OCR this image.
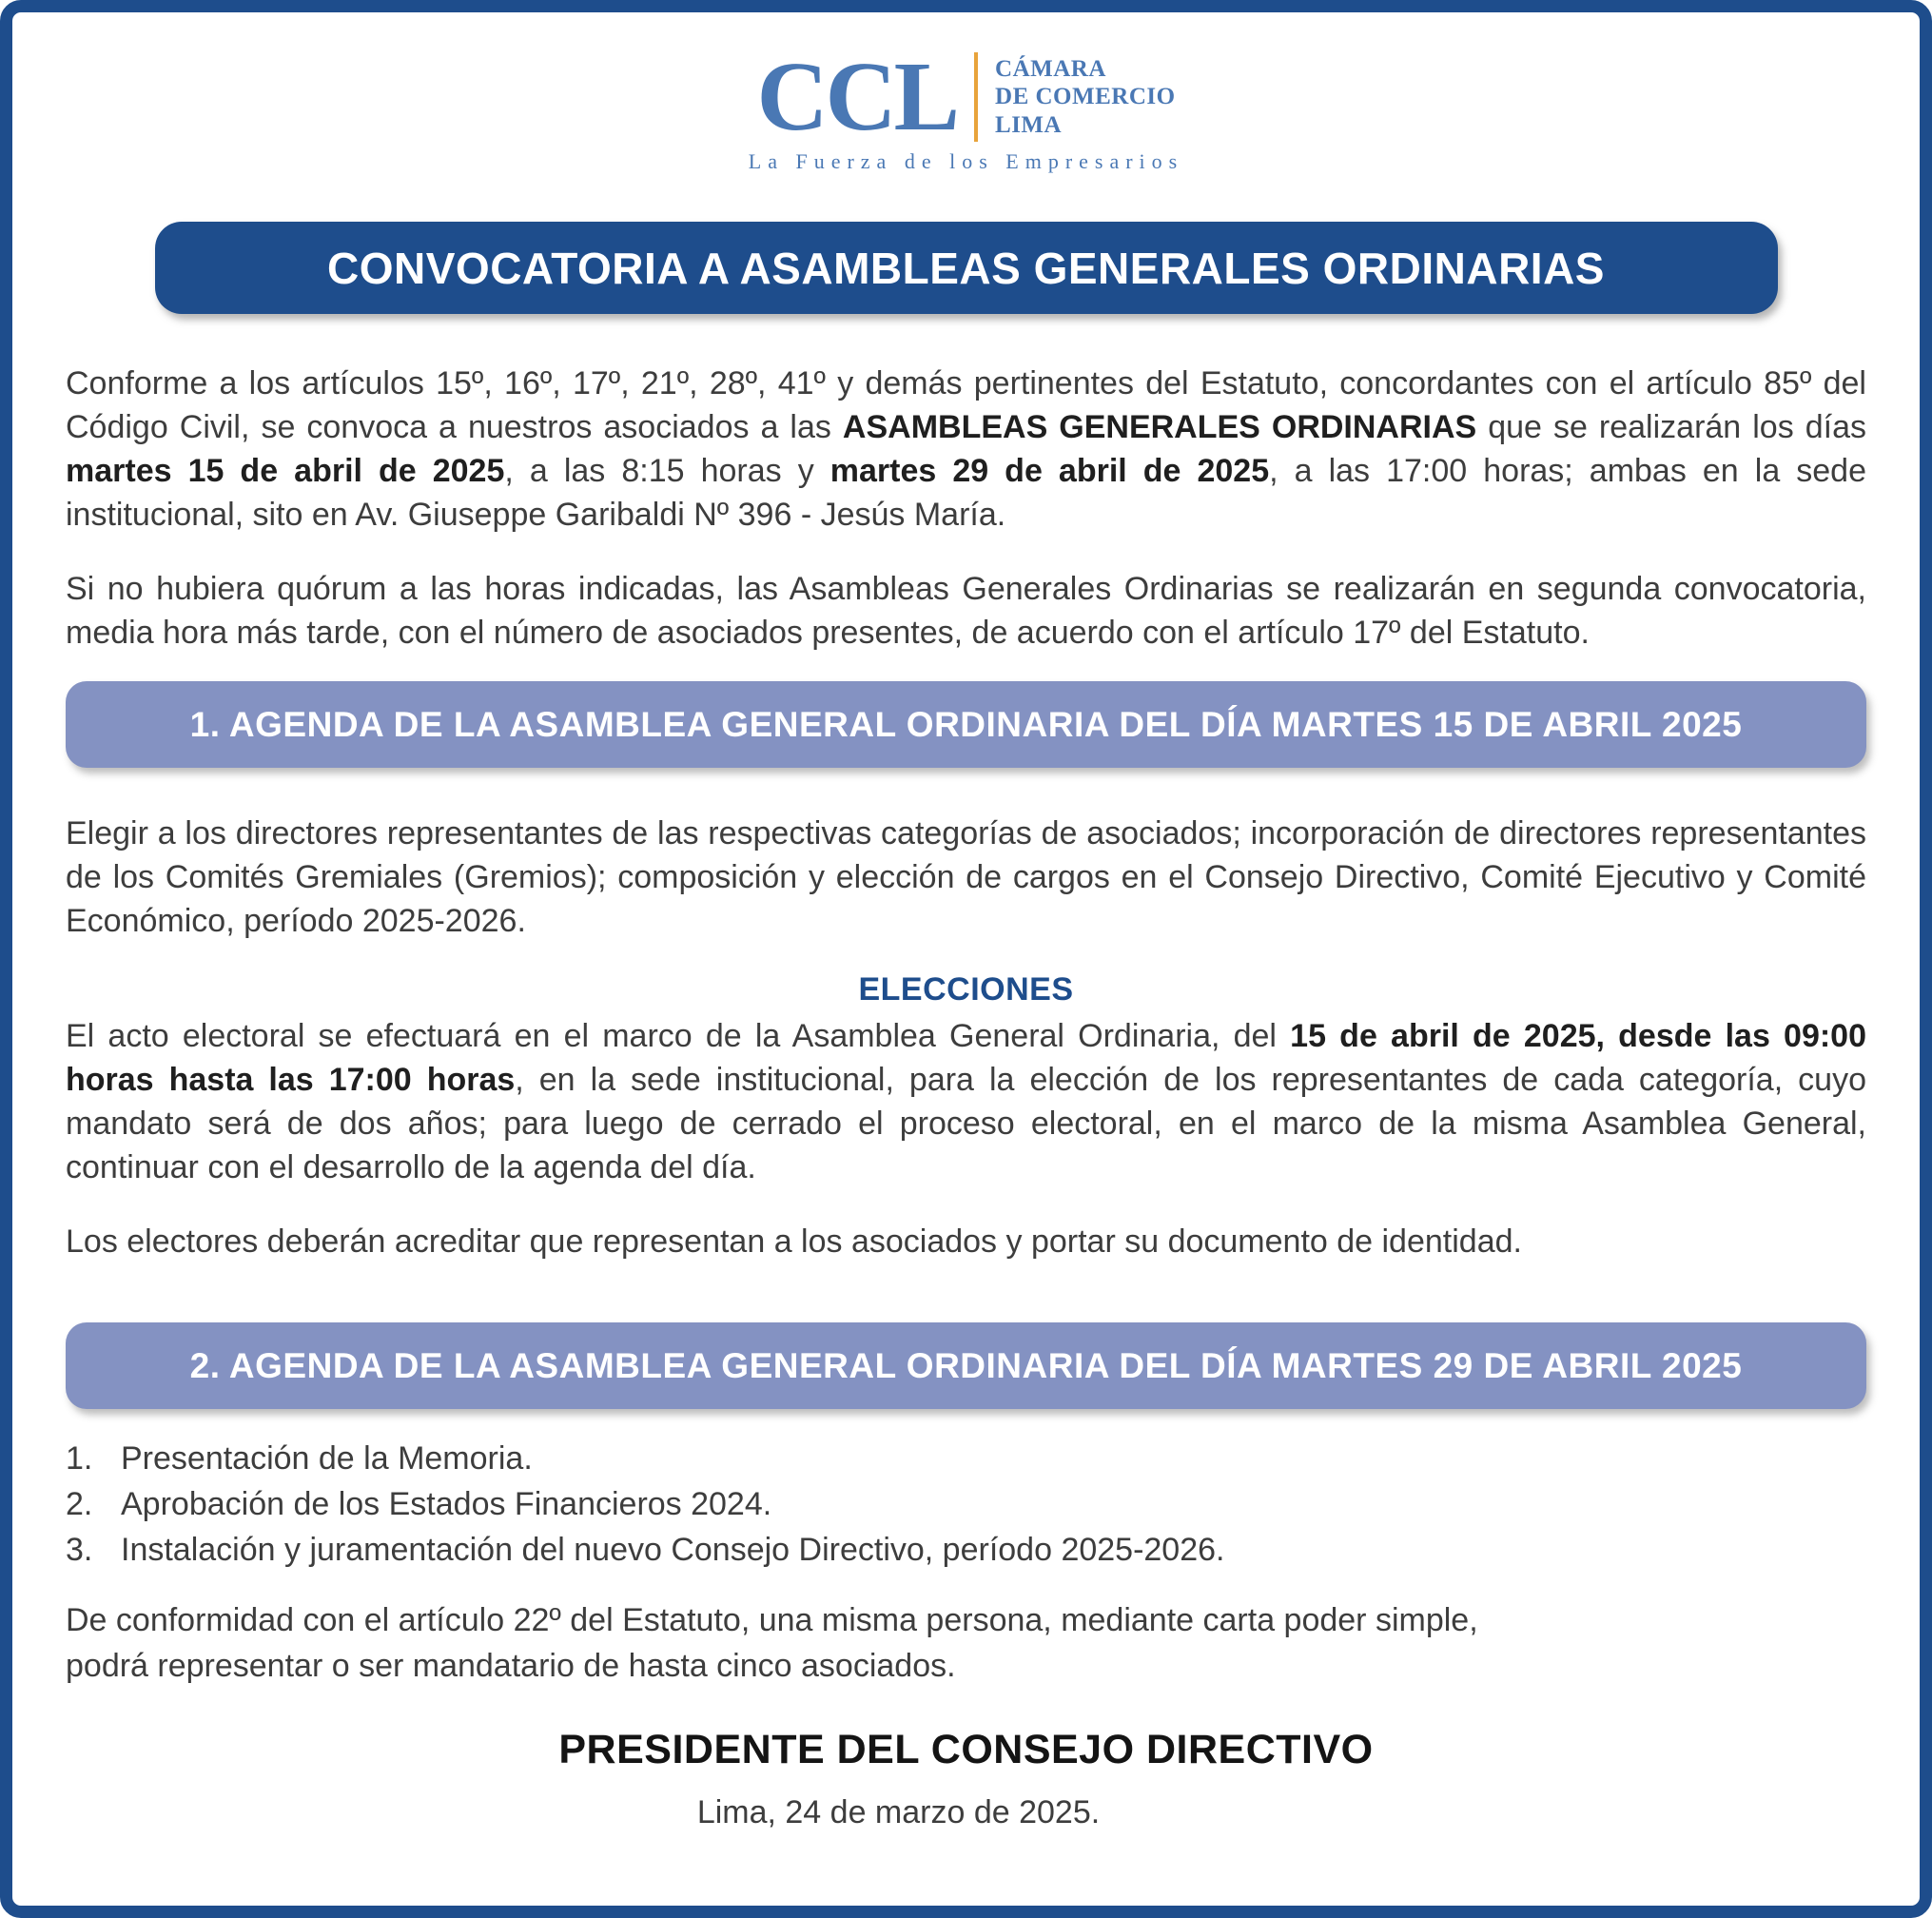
CCL CÁMARA
DE COMERCIO
LIMA
La Fuerza de los Empresarios
CONVOCATORIA A ASAMBLEAS GENERALES ORDINARIAS

Conforme a los artículos 15º, 16º, 17º, 21º, 28º, 41º y demás pertinentes del Estatuto, concordantes con el artículo 85º del Código Civil, se convoca a nuestros asociados a las ASAMBLEAS GENERALES ORDINARIAS que se realizarán los días martes 15 de abril de 2025, a las 8:15 horas y martes 29 de abril de 2025, a las 17:00 horas; ambas en la sede institucional, sito en Av. Giuseppe Garibaldi Nº 396 - Jesús María.

Si no hubiera quórum a las horas indicadas, las Asambleas Generales Ordinarias se realizarán en segunda convocatoria, media hora más tarde, con el número de asociados presentes, de acuerdo con el artículo 17º del Estatuto.

1. AGENDA DE LA ASAMBLEA GENERAL ORDINARIA DEL DÍA MARTES 15 DE ABRIL 2025

Elegir a los directores representantes de las respectivas categorías de asociados; incorporación de directores representantes de los Comités Gremiales (Gremios); composición y elección de cargos en el Consejo Directivo, Comité Ejecutivo y Comité Económico, período 2025-2026.

ELECCIONES

El acto electoral se efectuará en el marco de la Asamblea General Ordinaria, del 15 de abril de 2025, desde las 09:00 horas hasta las 17:00 horas, en la sede institucional, para la elección de los representantes de cada categoría, cuyo mandato será de dos años; para luego de cerrado el proceso electoral, en el marco de la misma Asamblea General, continuar con el desarrollo de la agenda del día.

Los electores deberán acreditar que representan a los asociados y portar su documento de identidad.

2. AGENDA DE LA ASAMBLEA GENERAL ORDINARIA DEL DÍA MARTES 29 DE ABRIL 2025
1. Presentación de la Memoria.
2. Aprobación de los Estados Financieros 2024.
3. Instalación y juramentación del nuevo Consejo Directivo, período 2025-2026.

De conformidad con el artículo 22º del Estatuto, una misma persona, mediante carta poder simple,
podrá representar o ser mandatario de hasta cinco asociados.

PRESIDENTE DEL CONSEJO DIRECTIVO
Lima, 24 de marzo de 2025.
